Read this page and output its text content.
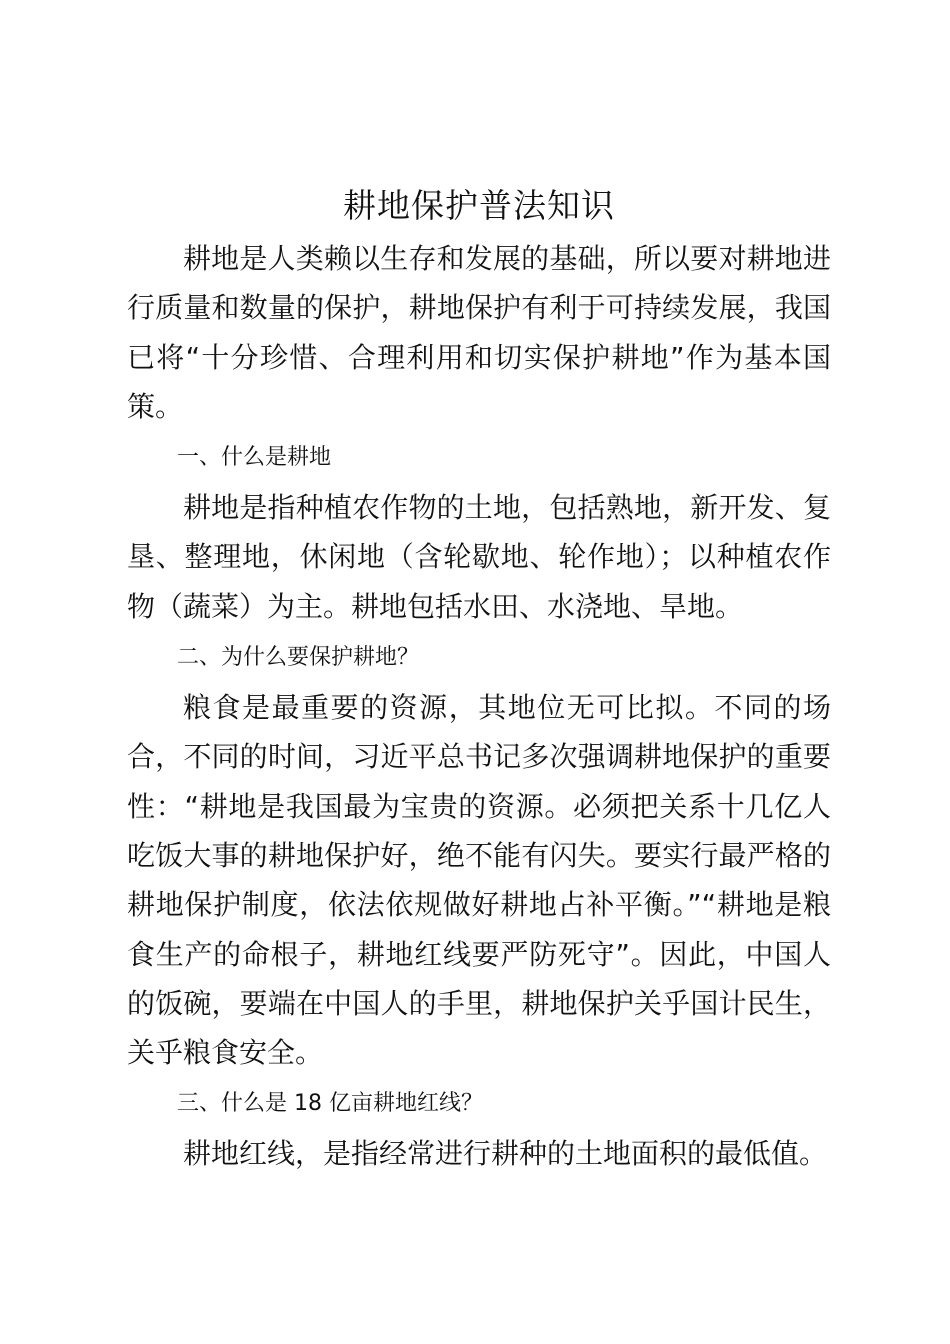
耕地保护普法知识

耕地是人类赖以生存和发展的基础，所以要对耕地进行质量和数量的保护，耕地保护有利于可持续发展，我国已将“十分珍惜、合理利用和切实保护耕地”作为基本国策。

一、什么是耕地

耕地是指种植农作物的土地，包括熟地，新开发、复垦、整理地，休闲地（含轮歇地、轮作地）；以种植农作物（蔬菜）为主。耕地包括水田、水浇地、旱地。

二、为什么要保护耕地？

粮食是最重要的资源，其地位无可比拟。不同的场合，不同的时间，习近平总书记多次强调耕地保护的重要性：“耕地是我国最为宝贵的资源。必须把关系十几亿人吃饭大事的耕地保护好，绝不能有闪失。要实行最严格的耕地保护制度，依法依规做好耕地占补平衡。”“耕地是粮食生产的命根子，耕地红线要严防死守”。因此，中国人的饭碗，要端在中国人的手里，耕地保护关乎国计民生，关乎粮食安全。

三、什么是 18 亿亩耕地红线？

耕地红线，是指经常进行耕种的土地面积的最低值。
